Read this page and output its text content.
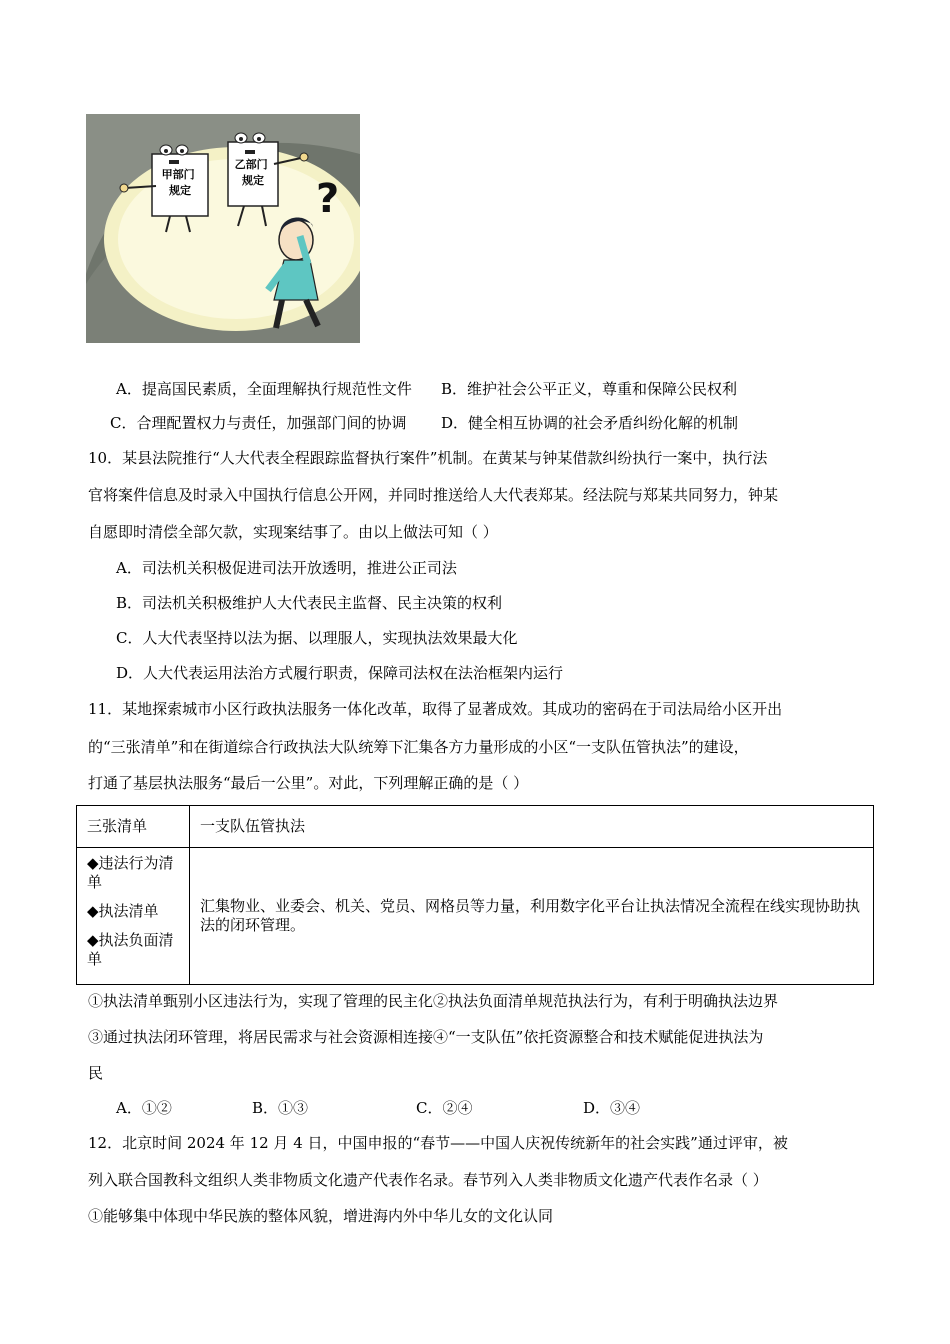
甲部门 规定
乙部门 规定 ?
A．提高国民素质，全面理解执行规范性文件 B．维护社会公平正义，尊重和保障公民权利
C．合理配置权力与责任，加强部门间的协调 D．健全相互协调的社会矛盾纠纷化解的机制
10．某县法院推行“人大代表全程跟踪监督执行案件”机制。在黄某与钟某借款纠纷执行一案中，执行法
官将案件信息及时录入中国执行信息公开网，并同时推送给人大代表郑某。经法院与郑某共同努力，钟某
自愿即时清偿全部欠款，实现案结事了。由以上做法可知（ ）
A．司法机关积极促进司法开放透明，推进公正司法
B．司法机关积极维护人大代表民主监督、民主决策的权利
C．人大代表坚持以法为据、以理服人，实现执法效果最大化
D．人大代表运用法治方式履行职责，保障司法权在法治框架内运行
11．某地探索城市小区行政执法服务一体化改革，取得了显著成效。其成功的密码在于司法局给小区开出
的“三张清单”和在街道综合行政执法大队统筹下汇集各方力量形成的小区“一支队伍管执法”的建设，
打通了基层执法服务“最后一公里”。对此，下列理解正确的是（ ）
三张清单	一支队伍管执法

◆违法行为清单

◆执法清单

◆执法负面清单	汇集物业、业委会、机关、党员、网格员等力量，利用数字化平台让执法情况全流程在线实现协助执法的闭环管理。
①执法清单甄别小区违法行为，实现了管理的民主化②执法负面清单规范执法行为，有利于明确执法边界
③通过执法闭环管理，将居民需求与社会资源相连接④“一支队伍”依托资源整合和技术赋能促进执法为
民
A．①②	B．①③	C．②④	D．③④
12．北京时间 2024 年 12 月 4 日，中国申报的“春节——中国人庆祝传统新年的社会实践”通过评审，被
列入联合国教科文组织人类非物质文化遗产代表作名录。春节列入人类非物质文化遗产代表作名录（ ）
①能够集中体现中华民族的整体风貌，增进海内外中华儿女的文化认同
